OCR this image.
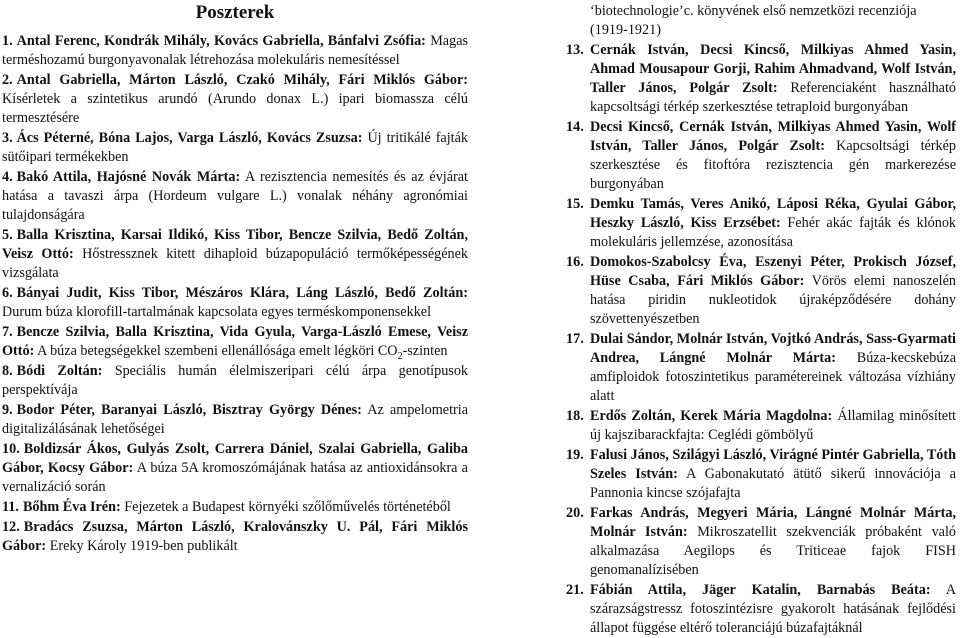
Poszterek
1. Antal Ferenc, Kondrák Mihály, Kovács Gabriella, Bánfalvi Zsófia: Magas terméshozamú burgonyavonalak létrehozása molekuláris nemesítéssel
2. Antal Gabriella, Márton László, Czakó Mihály, Fári Miklós Gábor: Kísérletek a szintetikus arundó (Arundo donax L.) ipari biomassza célú termesztésére
3. Ács Péterné, Bóna Lajos, Varga László, Kovács Zsuzsa: Új tritikálé fajták sütőipari termékekben
4. Bakó Attila, Hajósné Novák Márta: A rezisztencia nemesítés és az évjárat hatása a tavaszi árpa (Hordeum vulgare L.) vonalak néhány agronómiai tulajdonságára
5. Balla Krisztina, Karsai Ildikó, Kiss Tibor, Bencze Szilvia, Bedő Zoltán, Veisz Ottó: Hőstressznek kitett dihaploid búzapopuláció termőképességének vizsgálata
6. Bányai Judit, Kiss Tibor, Mészáros Klára, Láng László, Bedő Zoltán: Durum búza klorofill-tartalmának kapcsolata egyes terméskomponensekkel
7. Bencze Szilvia, Balla Krisztina, Vida Gyula, Varga-László Emese, Veisz Ottó: A búza betegségekkel szembeni ellenállósága emelt légköri $CO_2$-szinten
8. Bódi Zoltán: Speciális humán élelmiszeripari célú árpa genotípusok perspektívája
9. Bodor Péter, Baranyai László, Bisztray György Dénes: Az ampelometria digitalizálásának lehetőségei
10. Boldizsár Ákos, Gulyás Zsolt, Carrera Dániel, Szalai Gabriella, Galiba Gábor, Kocsy Gábor: A búza 5A kromoszómájának hatása az antioxidánsokra a vernalizáció során
11. Bőhm Éva Irén: Fejezetek a Budapest környéki szőlőművelés történetéből
12. Bradács Zsuzsa, Márton László, Kralovánszky U. Pál, Fári Miklós Gábor: Ereky Károly 1919-ben publikált
‘biotechnologie’c. könyvének első nemzetközi recenziója (1919-1921)
13. Cernák István, Decsi Kincső, Milkiyas Ahmed Yasin, Ahmad Mousapour Gorji, Rahim Ahmadvand, Wolf István, Taller János, Polgár Zsolt: Referenciaként használható kapcsoltsági térkép szerkesztése tetraploid burgonyában
14. Decsi Kincső, Cernák István, Milkiyas Ahmed Yasin, Wolf István, Taller János, Polgár Zsolt: Kapcsoltsági térkép szerkesztése és fitoftóra rezisztencia gén markerezése burgonyában
15. Demku Tamás, Veres Anikó, Láposi Réka, Gyulai Gábor, Heszky László, Kiss Erzsébet: Fehér akác fajták és klónok molekuláris jellemzése, azonosítása
16. Domokos-Szabolcsy Éva, Eszenyi Péter, Prokisch József, Hüse Csaba, Fári Miklós Gábor: Vörös elemi nanoszelén hatása piridin nukleotidok újraképződésére dohány szövettenyészetben
17. Dulai Sándor, Molnár István, Vojtkó András, Sass-Gyarmati Andrea, Lángné Molnár Márta: Búza-kecskebúza amfiploidok fotoszintetikus paramétereinek változása vízhiány alatt
18. Erdős Zoltán, Kerek Mária Magdolna: Államilag minősített új kajszibarackfajta: Ceglédi gömbölyű
19. Falusi János, Szilágyi László, Virágné Pintér Gabriella, Tóth Szeles István: A Gabonakutató ätütő sikerű innovációja a Pannonia kincse szójafajta
20. Farkas András, Megyeri Mária, Lángné Molnár Márta, Molnár István: Mikroszatellit szekvenciák próbaként való alkalmazása Aegilops és Triticeae fajok FISH genomanalízisében
21. Fábián Attila, Jäger Katalin, Barnabás Beáta: A szárazságstressz fotoszintézisre gyakorolt hatásának fejlődési állapot függése eltérő toleranciájú búzafajtáknál
